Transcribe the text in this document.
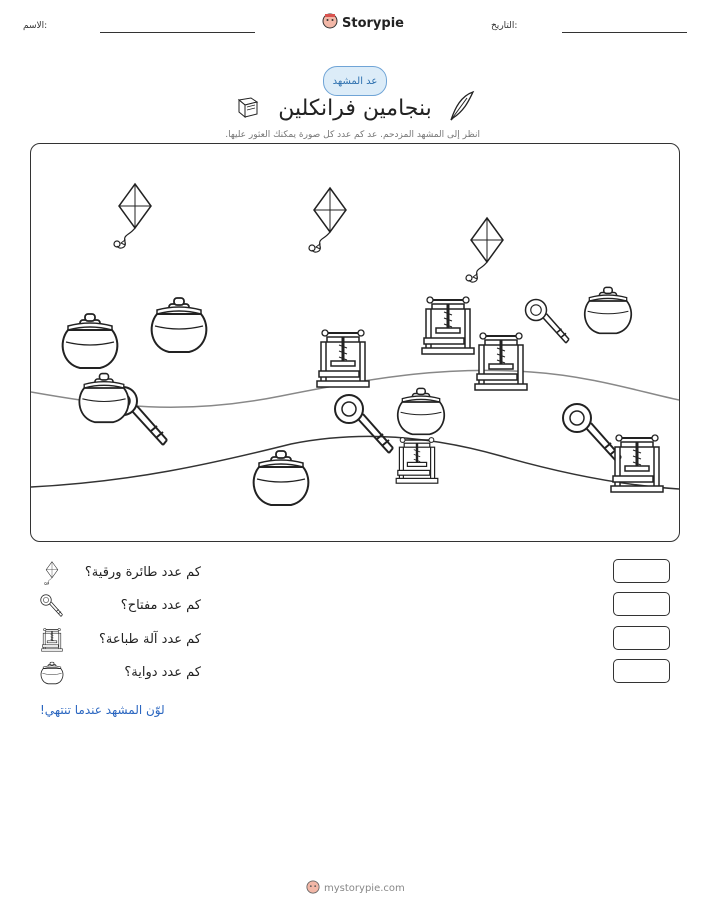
الاسم:	التاريخ:
Storypie
عد المشهد
بنجامين فرانكلين
انظر إلى المشهد المزدحم. عد كم عدد كل صورة يمكنك العثور عليها.
كم عدد طائرة ورقية؟
كم عدد مفتاح؟
كم عدد آلة طباعة؟
كم عدد دواية؟
لوّن المشهد عندما تنتهي!
mystorypie.com
